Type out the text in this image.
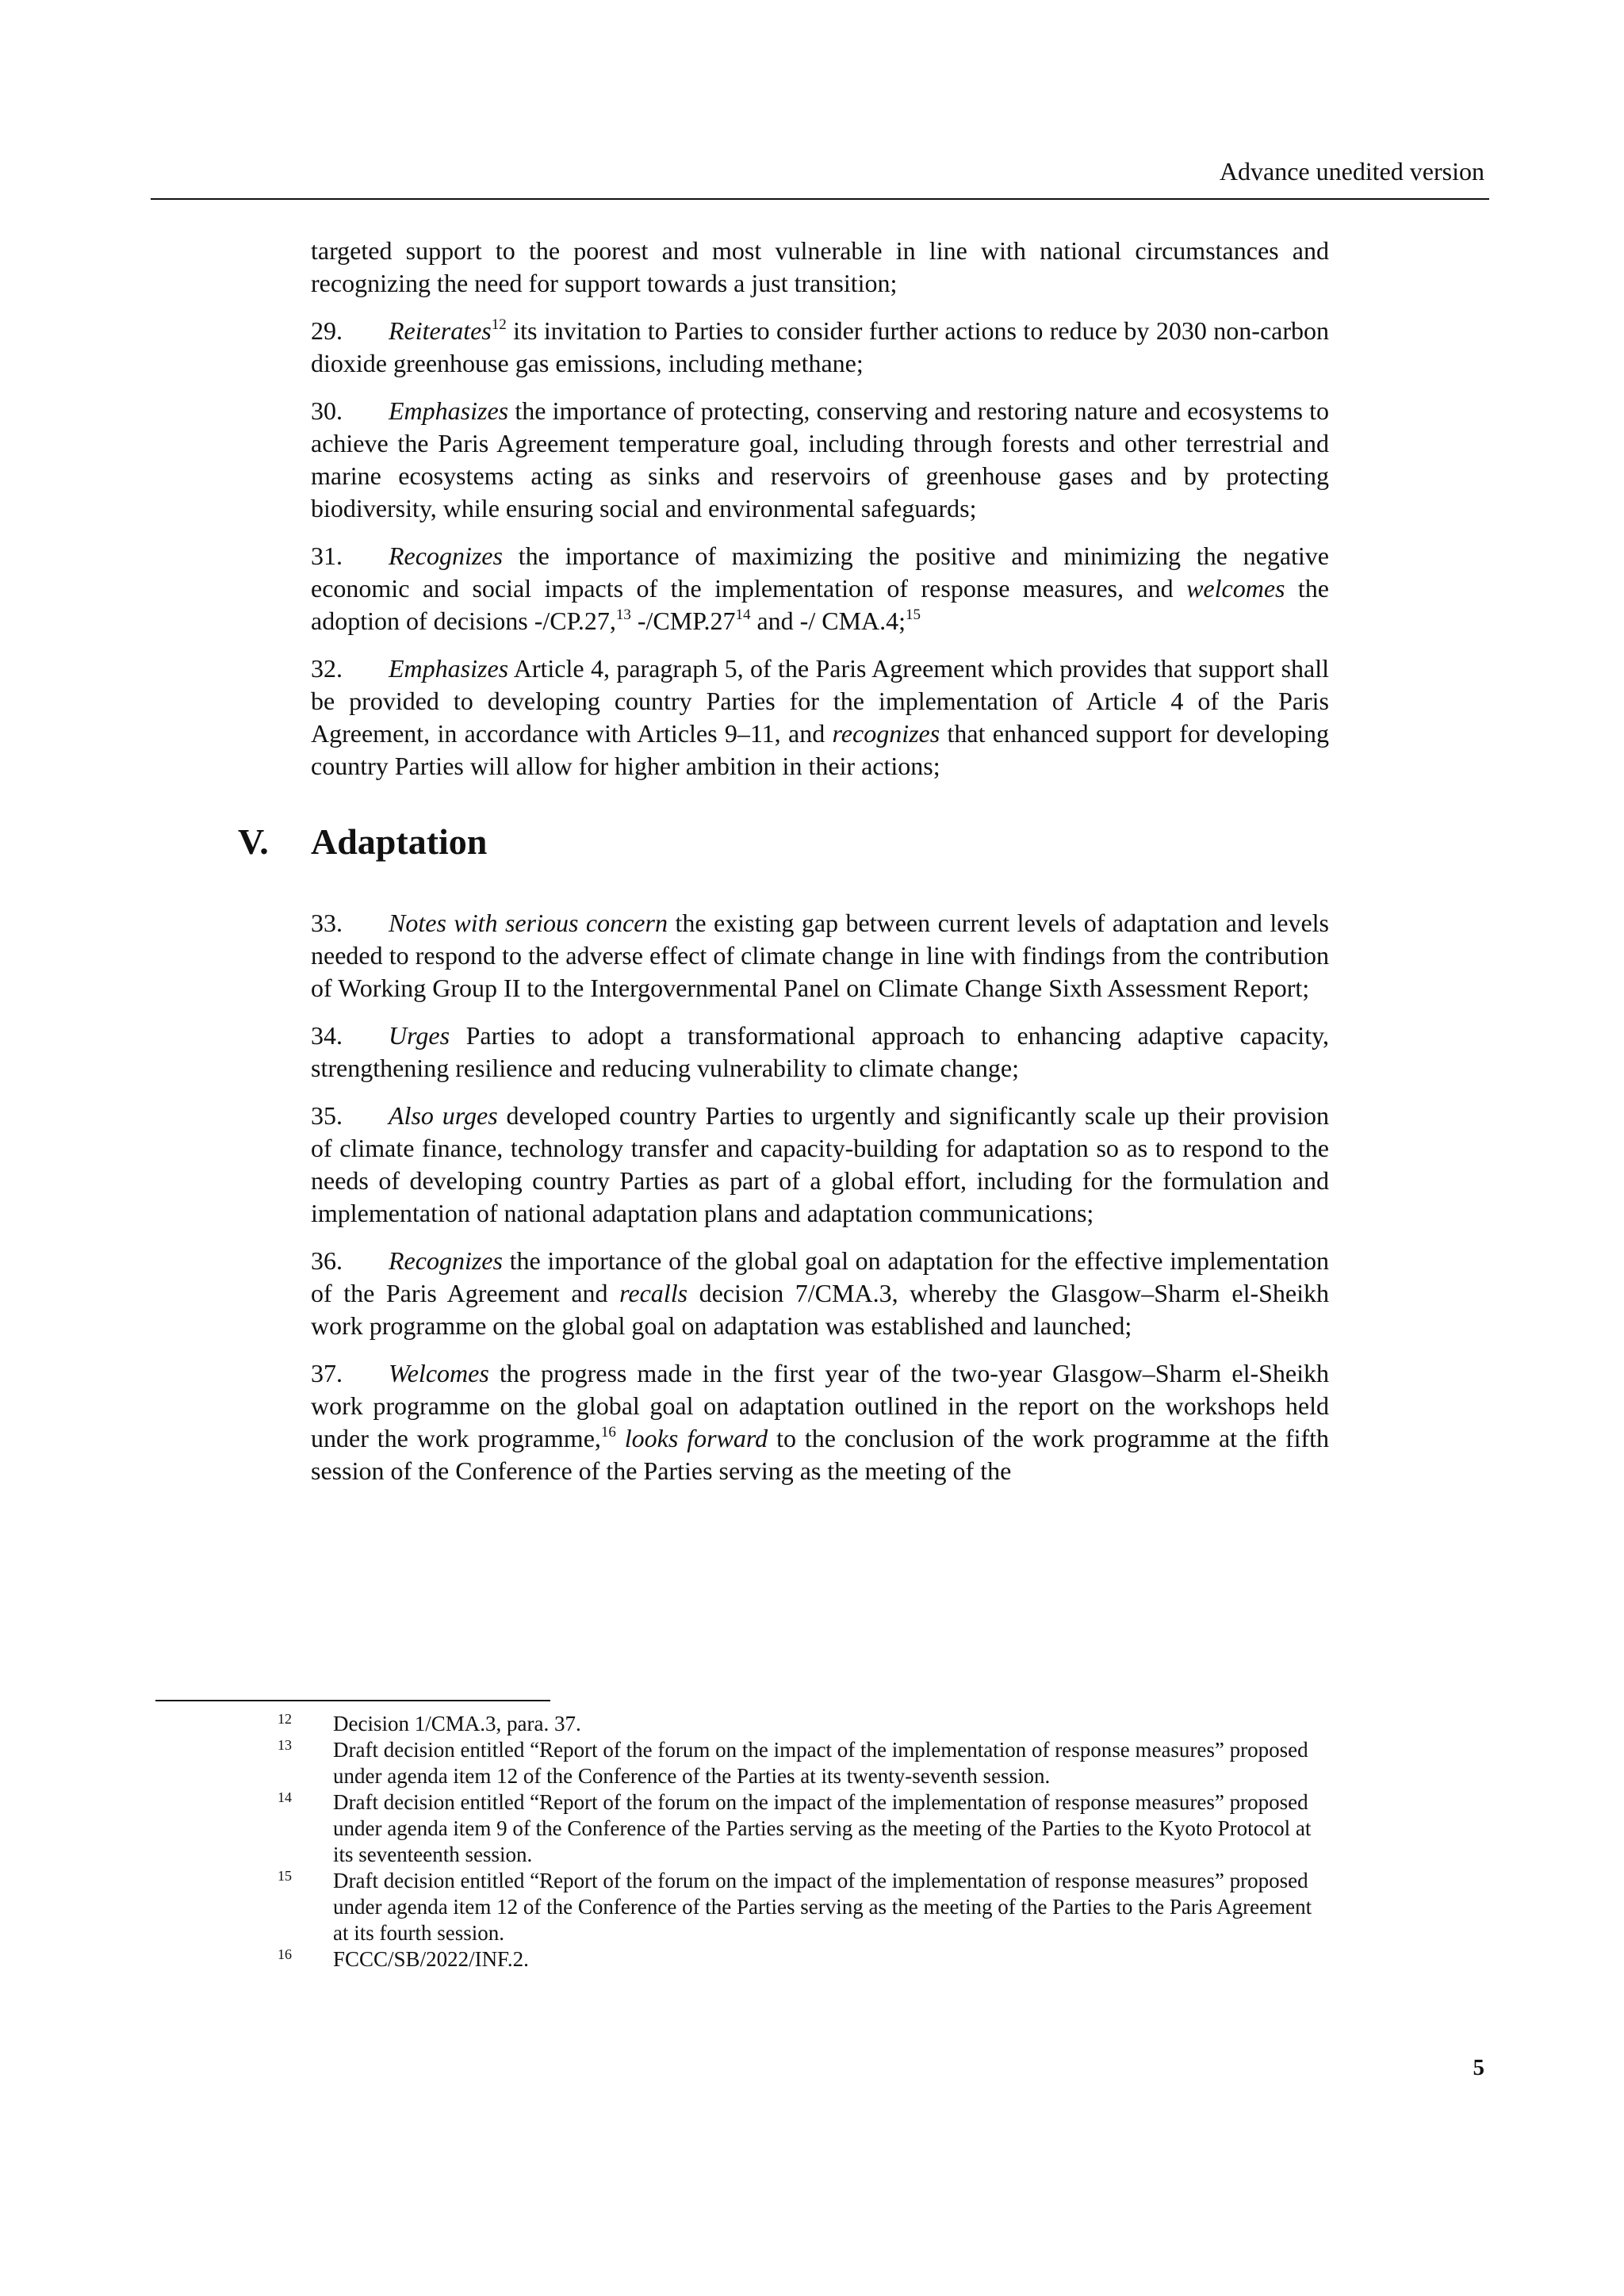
Advance unedited version

targeted support to the poorest and most vulnerable in line with national circumstances and recognizing the need for support towards a just transition;

29. Reiterates$^{12}$ its invitation to Parties to consider further actions to reduce by 2030 non-carbon dioxide greenhouse gas emissions, including methane;

30. Emphasizes the importance of protecting, conserving and restoring nature and ecosystems to achieve the Paris Agreement temperature goal, including through forests and other terrestrial and marine ecosystems acting as sinks and reservoirs of greenhouse gases and by protecting biodiversity, while ensuring social and environmental safeguards;

31. Recognizes the importance of maximizing the positive and minimizing the negative economic and social impacts of the implementation of response measures, and welcomes the adoption of decisions -/CP.27,13 $-/CMP.27^{14}$ and -/ CMA.4;$^{15}$

32. Emphasizes Article 4, paragraph 5, of the Paris Agreement which provides that support shall be provided to developing country Parties for the implementation of Article 4 of the Paris Agreement, in accordance with Articles 9–11, and recognizes that enhanced support for developing country Parties will allow for higher ambition in their actions;

V. Adaptation

33. Notes with serious concern the existing gap between current levels of adaptation and levels needed to respond to the adverse effect of climate change in line with findings from the contribution of Working Group II to the Intergovernmental Panel on Climate Change Sixth Assessment Report;

34. Urges Parties to adopt a transformational approach to enhancing adaptive capacity, strengthening resilience and reducing vulnerability to climate change;

35. Also urges developed country Parties to urgently and significantly scale up their provision of climate finance, technology transfer and capacity-building for adaptation so as to respond to the needs of developing country Parties as part of a global effort, including for the formulation and implementation of national adaptation plans and adaptation communications;

36. Recognizes the importance of the global goal on adaptation for the effective implementation of the Paris Agreement and recalls decision 7/CMA.3, whereby the Glasgow–Sharm el-Sheikh work programme on the global goal on adaptation was established and launched;

37. Welcomes the progress made in the first year of the two-year Glasgow–Sharm el-Sheikh work programme on the global goal on adaptation outlined in the report on the workshops held under the work programme,$^{16}$ looks forward to the conclusion of the work programme at the fifth session of the Conference of the Parties serving as the meeting of the

12 Decision 1/CMA.3, para. 37.
13 Draft decision entitled “Report of the forum on the impact of the implementation of response measures” proposed under agenda item 12 of the Conference of the Parties at its twenty-seventh session.
14 Draft decision entitled “Report of the forum on the impact of the implementation of response measures” proposed under agenda item 9 of the Conference of the Parties serving as the meeting of the Parties to the Kyoto Protocol at its seventeenth session.
15 Draft decision entitled “Report of the forum on the impact of the implementation of response measures” proposed under agenda item 12 of the Conference of the Parties serving as the meeting of the Parties to the Paris Agreement at its fourth session.
16 FCCC/SB/2022/INF.2.
5
